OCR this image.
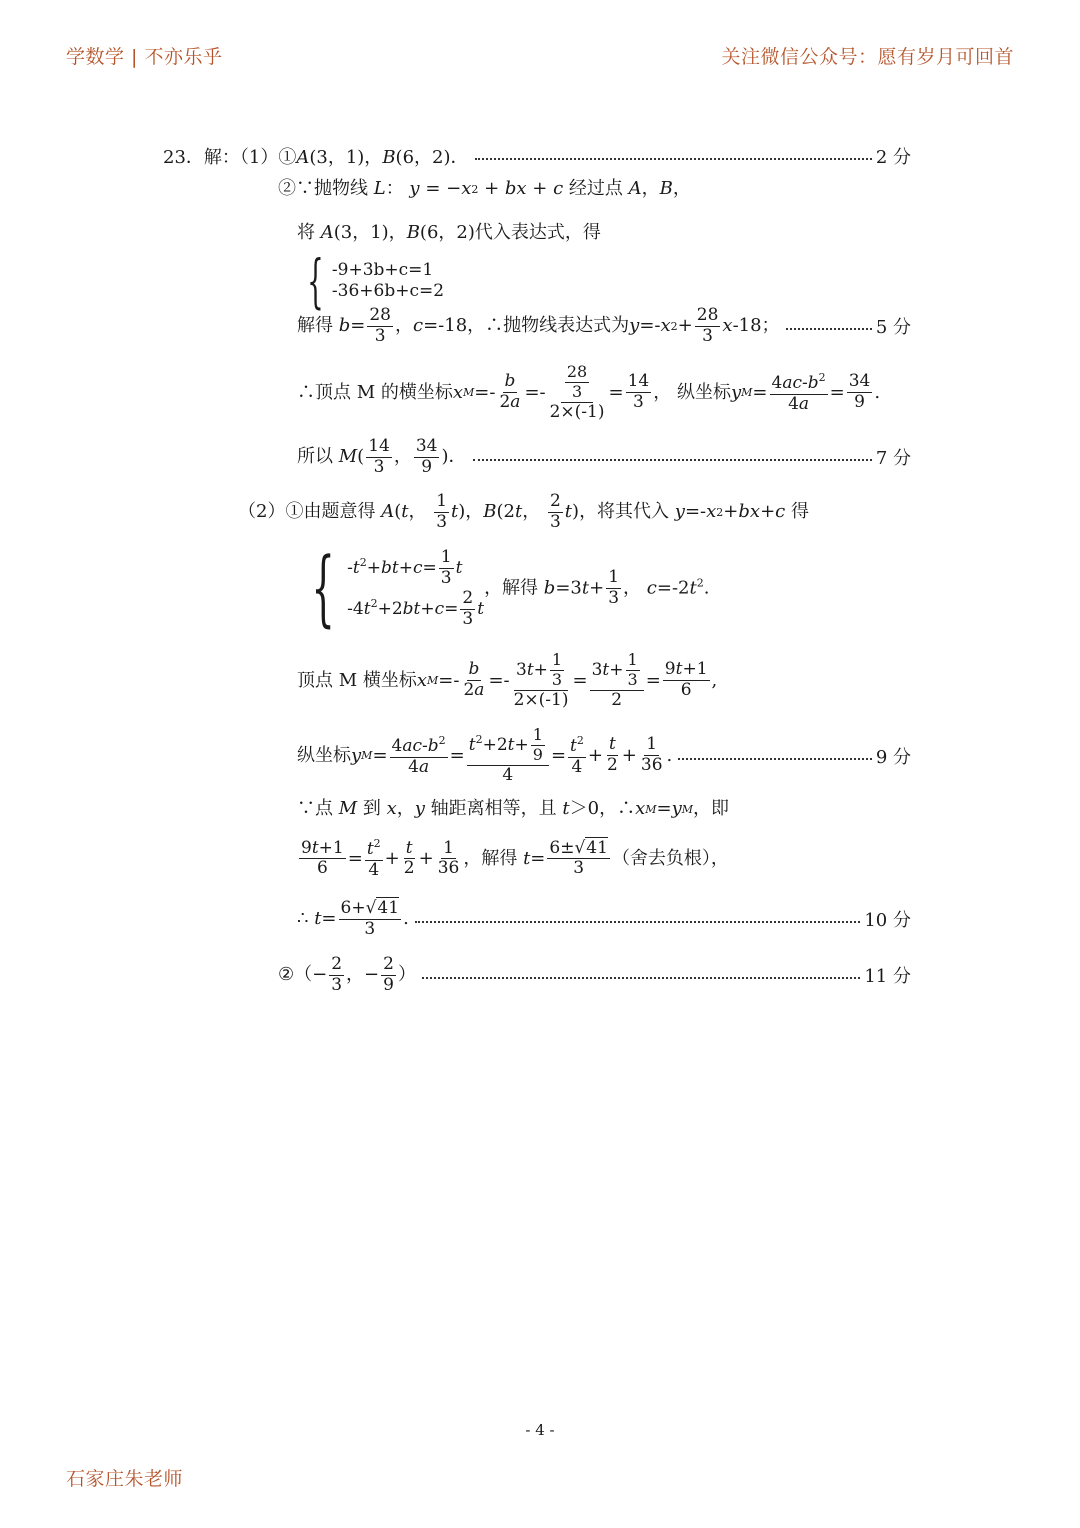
学数学 | 不亦乐乎	关注微信公众号：愿有岁月可回首
23．解：（1）①A(3，1)，B(6，2)．	2 分
②∵抛物线 L ： y = − x 2 + bx + c 经过点 A ， B ，
将 A (3，1)， B (6，2)代入表达式，得
{ -9+3b+c=1
-36+6b+c=2
解得
$b = \frac{28}{3}$ ， c =-18， ∴抛物线表达式为 y =- x $2 + \frac{28}{3}$ x -18；	5 分
∴顶点 M 的横坐标 x $M =- \frac{b}{2a} =- \frac{\frac{28}{3}}{2\times(-1)} = \frac{14}{3}$ ， 纵坐标 y $M = \frac{4ac-b^2}{4a} = \frac{34}{9}$ .
所以
M ( $\frac{14}{3}$ ， $\frac{34}{9}$ )．	7 分
（2）①由题意得
A ( t ， $\frac{1}{3}$ t )， B (2 t ， $\frac{2}{3}$ t ) ，将其代入
y =- x 2 + bx + c
得
{ $-t^2+bt+c= \frac{1}{3}$ t
$-4t^2+2bt+c= \frac{2}{3}$ t
，解得 $b=3t+ \frac{1}{3}$ ， $c=-2t^2$.
顶点 M 横坐标 x $M =- \frac{b}{2a} =- \frac{3t+ \frac{1}{3}}{2\times(-1)} = \frac{3t+ \frac{1}{3}}{2} = \frac{9t+1}{6}$ ,
纵坐标 y $M = \frac{4ac-b^2}{4a} = \frac{t^2+2t+ \frac{1}{9}}{4} = \frac{t^2}{4} + \frac{t}{2} + \frac{1}{36}$ .	9 分
∵点 M 到 x ， y 轴距离相等，且 t ＞0，∴ x M = y M ，即
$\frac{9t+1}{6} = \frac{t^2}{4} + \frac{t}{2} + \frac{1}{36}$ ，解得
$t = \frac{6\pm√41}{3}$ （舍去负根），
∴ $t = \frac{6+√41}{3}$ .	10 分
②（− $\frac{2}{3}$ ，− $\frac{2}{9}$ ）	11 分
- 4 -
石家庄朱老师
